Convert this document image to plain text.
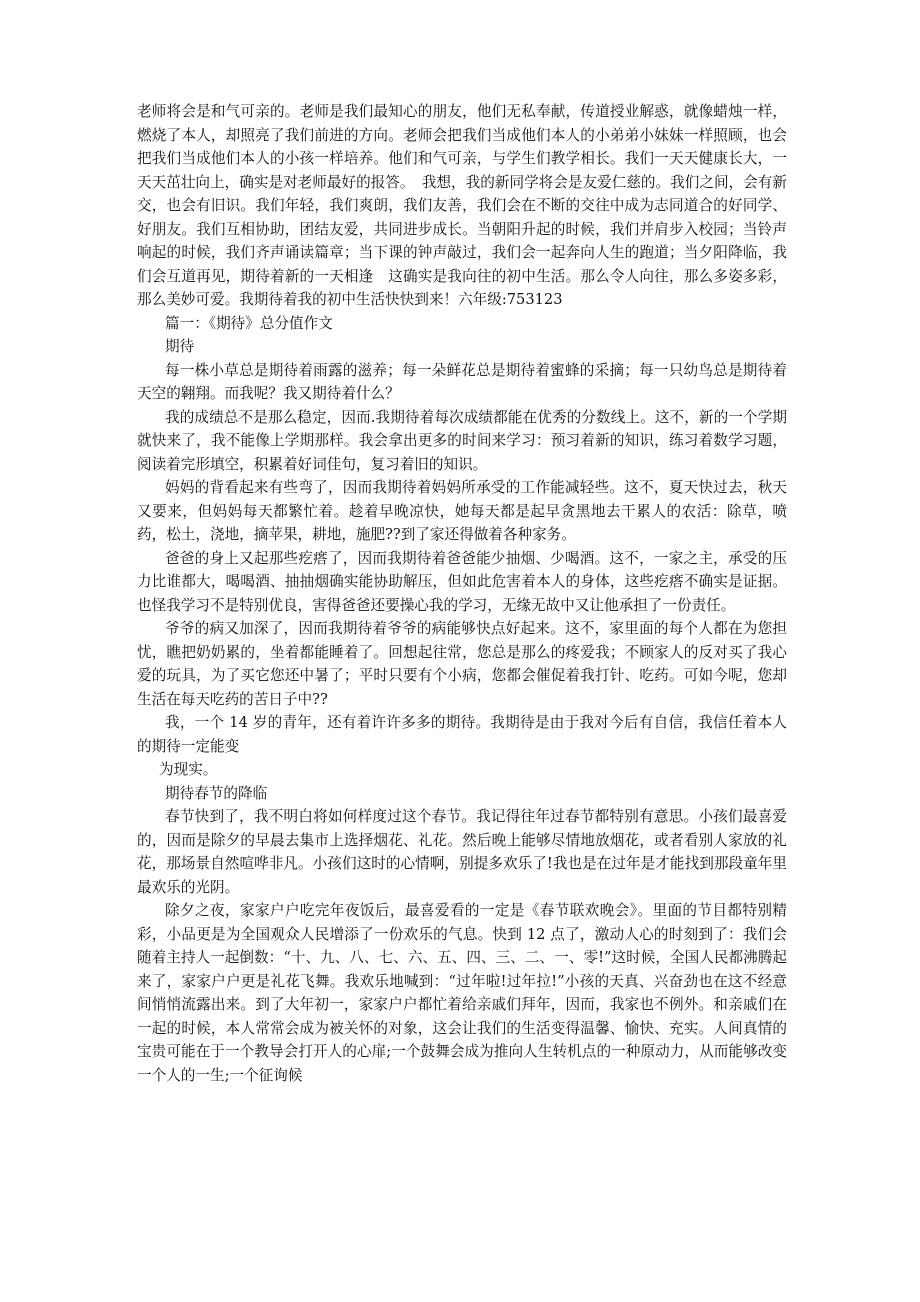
老师将会是和气可亲的。老师是我们最知心的朋友，他们无私奉献，传道授业解惑，就像蜡烛一样，燃烧了本人，却照亮了我们前进的方向。老师会把我们当成他们本人的小弟弟小妹妹一样照顾，也会把我们当成他们本人的小孩一样培养。他们和气可亲，与学生们教学相长。我们一天天健康长大，一天天茁壮向上，确实是对老师最好的报答。　我想，我的新同学将会是友爱仁慈的。我们之间，会有新交，也会有旧识。我们年轻，我们爽朗，我们友善，我们会在不断的交往中成为志同道合的好同学、好朋友。我们互相协助，团结友爱，共同进步成长。当朝阳升起的时候，我们并肩步入校园；当铃声响起的时候，我们齐声诵读篇章；当下课的钟声敲过，我们会一起奔向人生的跑道；当夕阳降临，我们会互道再见，期待着新的一天相逢　这确实是我向往的初中生活。那么令人向往，那么多姿多彩，那么美妙可爱。我期待着我的初中生活快快到来！六年级:753123

篇一：《期待》总分值作文

期待

每一株小草总是期待着雨露的滋养；每一朵鲜花总是期待着蜜蜂的采摘；每一只幼鸟总是期待着天空的翱翔。而我呢？我又期待着什么？

我的成绩总不是那么稳定，因而.我期待着每次成绩都能在优秀的分数线上。这不，新的一个学期就快来了，我不能像上学期那样。我会拿出更多的时间来学习：预习着新的知识，练习着数学习题，阅读着完形填空，积累着好词佳句，复习着旧的知识。

妈妈的背看起来有些弯了，因而我期待着妈妈所承受的工作能减轻些。这不，夏天快过去，秋天又要来，但妈妈每天都繁忙着。趁着早晚凉快，她每天都是起早贪黑地去干累人的农活：除草，喷药，松土，浇地，摘苹果，耕地，施肥??到了家还得做着各种家务。

爸爸的身上又起那些疙瘩了，因而我期待着爸爸能少抽烟、少喝酒。这不，一家之主，承受的压力比谁都大，喝喝酒、抽抽烟确实能协助解压，但如此危害着本人的身体，这些疙瘩不确实是证据。也怪我学习不是特别优良，害得爸爸还要操心我的学习，无缘无故中又让他承担了一份责任。

爷爷的病又加深了，因而我期待着爷爷的病能够快点好起来。这不，家里面的每个人都在为您担忧，瞧把奶奶累的，坐着都能睡着了。回想起往常，您总是那么的疼爱我；不顾家人的反对买了我心爱的玩具，为了买它您还中暑了；平时只要有个小病，您都会催促着我打针、吃药。可如今呢，您却生活在每天吃药的苦日子中??

我，一个 14 岁的青年，还有着许许多多的期待。我期待是由于我对今后有自信，我信任着本人的期待一定能变

为现实。

期待春节的降临

春节快到了，我不明白将如何样度过这个春节。我记得往年过春节都特别有意思。小孩们最喜爱的，因而是除夕的早晨去集市上选择烟花、礼花。然后晚上能够尽情地放烟花，或者看别人家放的礼花，那场景自然喧哗非凡。小孩们这时的心情啊，别提多欢乐了!我也是在过年是才能找到那段童年里最欢乐的光阴。

除夕之夜，家家户户吃完年夜饭后，最喜爱看的一定是《春节联欢晚会》。里面的节目都特别精彩，小品更是为全国观众人民增添了一份欢乐的气息。快到 12 点了，激动人心的时刻到了：我们会随着主持人一起倒数：“十、九、八、七、六、五、四、三、二、一、零!”这时候，全国人民都沸腾起来了，家家户户更是礼花飞舞。我欢乐地喊到：“过年啦!过年拉!”小孩的天真、兴奋劲也在这不经意间悄悄流露出来。到了大年初一，家家户户都忙着给亲戚们拜年，因而，我家也不例外。和亲戚们在一起的时候，本人常常会成为被关怀的对象，这会让我们的生活变得温馨、愉快、充实。人间真情的宝贵可能在于一个教导会打开人的心扉;一个鼓舞会成为推向人生转机点的一种原动力，从而能够改变一个人的一生;一个征询候
